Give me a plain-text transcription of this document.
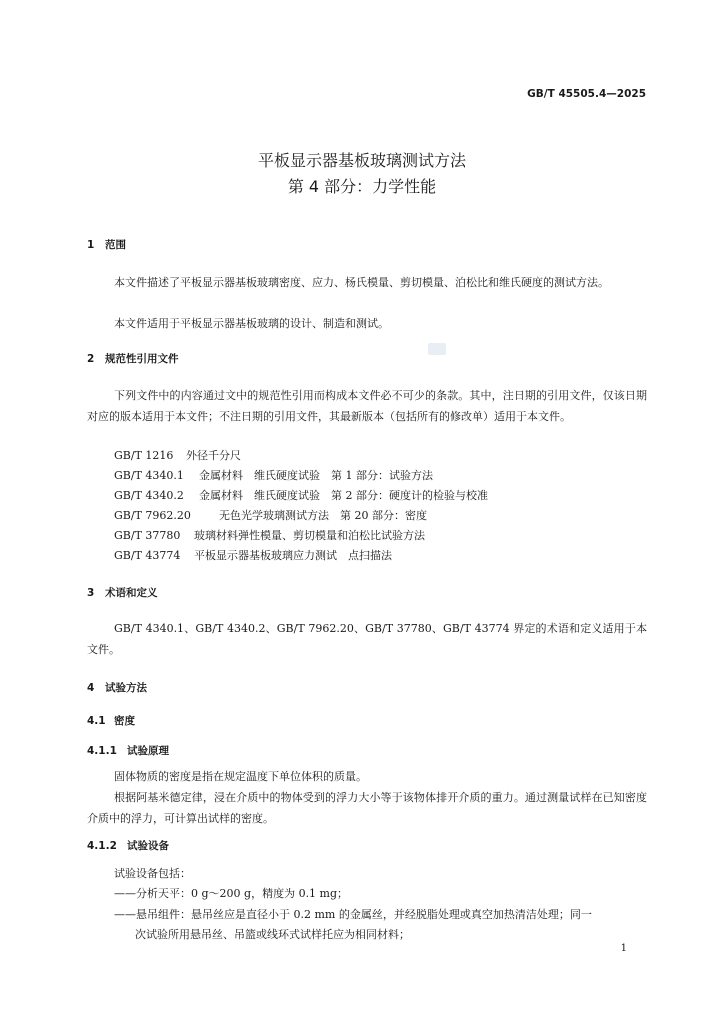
GB/T 45505.4—2025
平板显示器基板玻璃测试方法
第 4 部分：力学性能
1 范围
本文件描述了平板显示器基板玻璃密度、应力、杨氏模量、剪切模量、泊松比和维氏硬度的测试方法。
本文件适用于平板显示器基板玻璃的设计、制造和测试。
2 规范性引用文件
下列文件中的内容通过文中的规范性引用而构成本文件必不可少的条款。其中，注日期的引用文件，仅该日期对应的版本适用于本文件；不注日期的引用文件，其最新版本（包括所有的修改单）适用于本文件。
GB/T 1216 外径千分尺
GB/T 4340.1 金属材料　维氏硬度试验　第 1 部分：试验方法
GB/T 4340.2 金属材料　维氏硬度试验　第 2 部分：硬度计的检验与校准
GB/T 7962.20	无色光学玻璃测试方法　第 20 部分：密度
GB/T 37780 玻璃材料弹性模量、剪切模量和泊松比试验方法
GB/T 43774 平板显示器基板玻璃应力测试　点扫描法
3 术语和定义
GB/T 4340.1、GB/T 4340.2、GB/T 7962.20、GB/T 37780、GB/T 43774 界定的术语和定义适用于本文件。
4 试验方法
4.1 密度
4.1.1 试验原理
固体物质的密度是指在规定温度下单位体积的质量。
根据阿基米德定律，浸在介质中的物体受到的浮力大小等于该物体排开介质的重力。通过测量试样在已知密度介质中的浮力，可计算出试样的密度。
4.1.2 试验设备
试验设备包括：
——分析天平：0 g～200 g，精度为 0.1 mg；
——悬吊组件：悬吊丝应是直径小于 0.2 mm 的金属丝，并经脱脂处理或真空加热清洁处理；同一
次试验所用悬吊丝、吊篮或线环式试样托应为相同材料；
1
